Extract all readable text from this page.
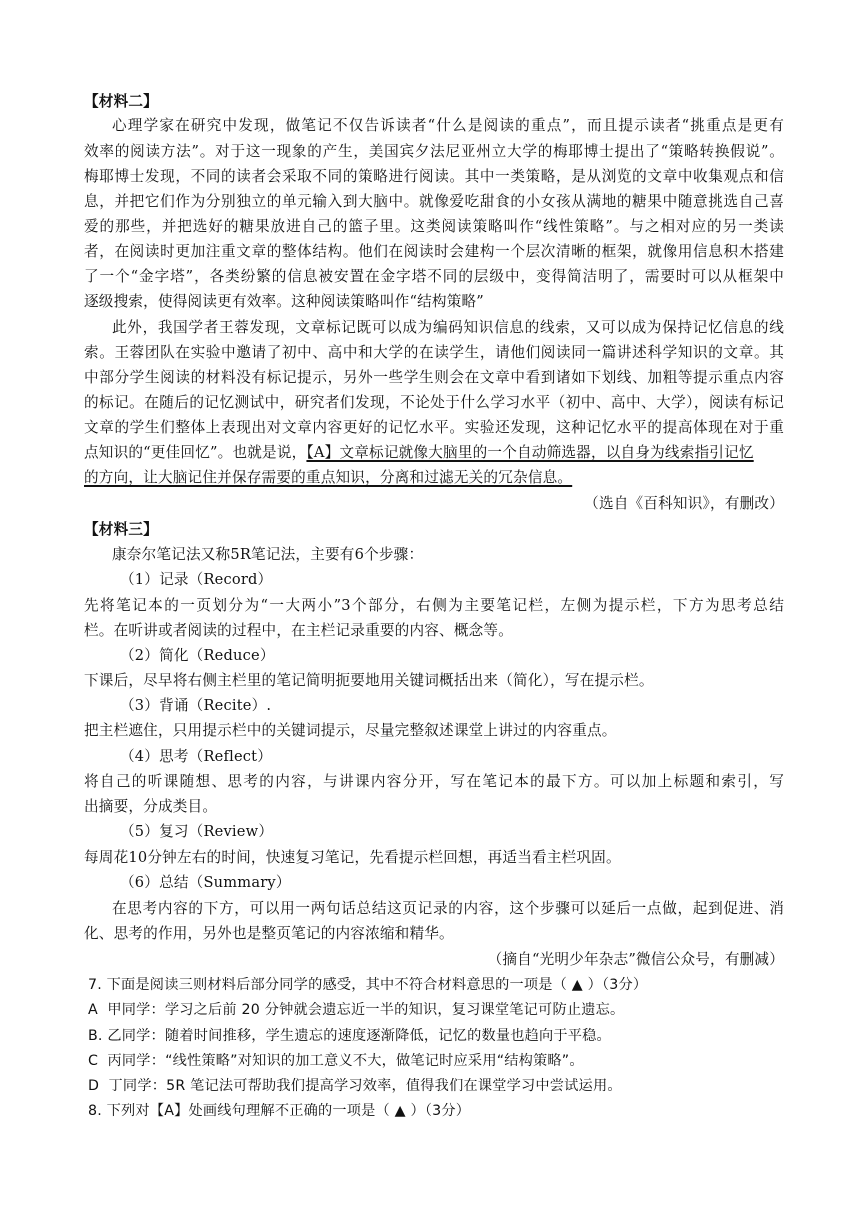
【材料二】
心理学家在研究中发现，做笔记不仅告诉读者“什么是阅读的重点”，而且提示读者“挑重点是更有
效率的阅读方法”。对于这一现象的产生，美国宾夕法尼亚州立大学的梅耶博士提出了“策略转换假说”。
梅耶博士发现，不同的读者会采取不同的策略进行阅读。其中一类策略，是从浏览的文章中收集观点和信
息，并把它们作为分别独立的单元输入到大脑中。就像爱吃甜食的小女孩从满地的糖果中随意挑选自己喜
爱的那些，并把选好的糖果放进自己的篮子里。这类阅读策略叫作“线性策略”。与之相对应的另一类读
者，在阅读时更加注重文章的整体结构。他们在阅读时会建构一个层次清晰的框架，就像用信息积木搭建
了一个“金字塔”，各类纷繁的信息被安置在金字塔不同的层级中，变得简洁明了，需要时可以从框架中
逐级搜索，使得阅读更有效率。这种阅读策略叫作“结构策略”
此外，我国学者王蓉发现，文章标记既可以成为编码知识信息的线索，又可以成为保持记忆信息的线
索。王蓉团队在实验中邀请了初中、高中和大学的在读学生，请他们阅读同一篇讲述科学知识的文章。其
中部分学生阅读的材料没有标记提示，另外一些学生则会在文章中看到诸如下划线、加粗等提示重点内容
的标记。在随后的记忆测试中，研究者们发现，不论处于什么学习水平（初中、高中、大学），阅读有标记
文章的学生们整体上表现出对文章内容更好的记忆水平。实验还发现，这种记忆水平的提高体现在对于重
点知识的“更佳回忆”。也就是说，【A】文章标记就像大脑里的一个自动筛选器，以自身为线索指引记忆
的方向，让大脑记住并保存需要的重点知识，分离和过滤无关的冗杂信息。
（选自《百科知识》，有删改）
【材料三】
康奈尔笔记法又称5R笔记法，主要有6个步骤：
（1）记录（Record）
先将笔记本的一页划分为“一大两小”3个部分，右侧为主要笔记栏，左侧为提示栏，下方为思考总结
栏。在听讲或者阅读的过程中，在主栏记录重要的内容、概念等。
（2）简化（Reduce）
下课后，尽早将右侧主栏里的笔记简明扼要地用关键词概括出来（简化），写在提示栏。
（3）背诵（Recite）.
把主栏遮住，只用提示栏中的关键词提示，尽量完整叙述课堂上讲过的内容重点。
（4）思考（Reflect）
将自己的听课随想、思考的内容，与讲课内容分开，写在笔记本的最下方。可以加上标题和索引，写
出摘要，分成类目。
（5）复习（Review）
每周花10分钟左右的时间，快速复习笔记，先看提示栏回想，再适当看主栏巩固。
（6）总结（Summary）
在思考内容的下方，可以用一两句话总结这页记录的内容，这个步骤可以延后一点做，起到促进、消
化、思考的作用，另外也是整页笔记的内容浓缩和精华。
（摘自“光明少年杂志”微信公众号，有删减）
7. 下面是阅读三则材料后部分同学的感受，其中不符合材料意思的一项是（ ▲ ）（3分）
A 甲同学：学习之后前 20 分钟就会遗忘近一半的知识，复习课堂笔记可防止遗忘。
B. 乙同学：随着时间推移，学生遗忘的速度逐渐降低，记忆的数量也趋向于平稳。
C 丙同学：“线性策略”对知识的加工意义不大，做笔记时应采用“结构策略”。
D 丁同学：5R 笔记法可帮助我们提高学习效率，值得我们在课堂学习中尝试运用。
8. 下列对【A】处画线句理解不正确的一项是（ ▲ ）（3分）
